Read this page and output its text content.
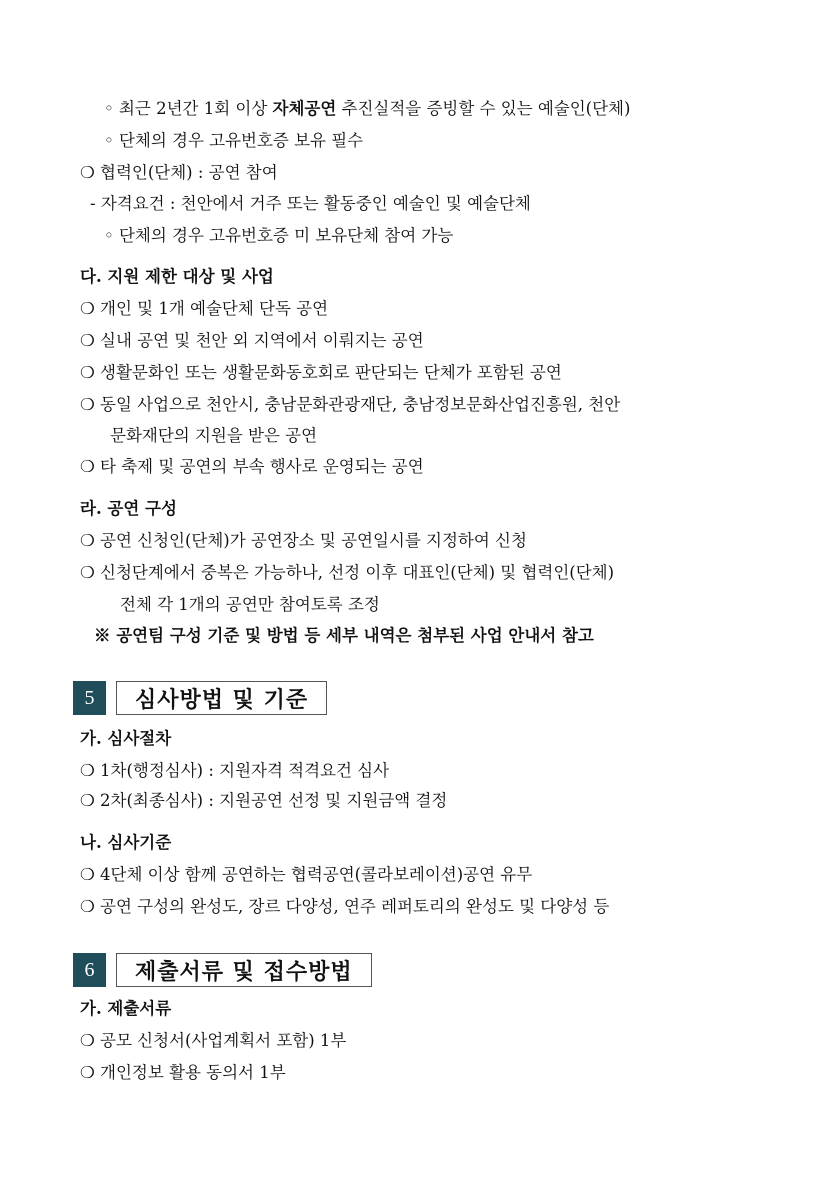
◦ 최근 2년간 1회 이상 자체공연 추진실적을 증빙할 수 있는 예술인(단체)
◦ 단체의 경우 고유번호증 보유 필수
❍ 협력인(단체) : 공연 참여
- 자격요건 : 천안에서 거주 또는 활동중인 예술인 및 예술단체
◦ 단체의 경우 고유번호증 미 보유단체 참여 가능
다. 지원 제한 대상 및 사업
❍ 개인 및 1개 예술단체 단독 공연
❍ 실내 공연 및 천안 외 지역에서 이뤄지는 공연
❍ 생활문화인 또는 생활문화동호회로 판단되는 단체가 포함된 공연
❍ 동일 사업으로 천안시, 충남문화관광재단, 충남정보문화산업진흥원, 천안
문화재단의 지원을 받은 공연
❍ 타 축제 및 공연의 부속 행사로 운영되는 공연
라. 공연 구성
❍ 공연 신청인(단체)가 공연장소 및 공연일시를 지정하여 신청
❍ 신청단계에서 중복은 가능하나, 선정 이후 대표인(단체) 및 협력인(단체)
전체 각 1개의 공연만 참여토록 조정
※ 공연팀 구성 기준 및 방법 등 세부 내역은 첨부된 사업 안내서 참고
5	심사방법 및 기준
가. 심사절차
❍ 1차(행정심사) : 지원자격 적격요건 심사
❍ 2차(최종심사) : 지원공연 선정 및 지원금액 결정
나. 심사기준
❍ 4단체 이상 함께 공연하는 협력공연(콜라보레이션)공연 유무
❍ 공연 구성의 완성도, 장르 다양성, 연주 레퍼토리의 완성도 및 다양성 등
6	제출서류 및 접수방법
가. 제출서류
❍ 공모 신청서(사업계획서 포함) 1부
❍ 개인정보 활용 동의서 1부
